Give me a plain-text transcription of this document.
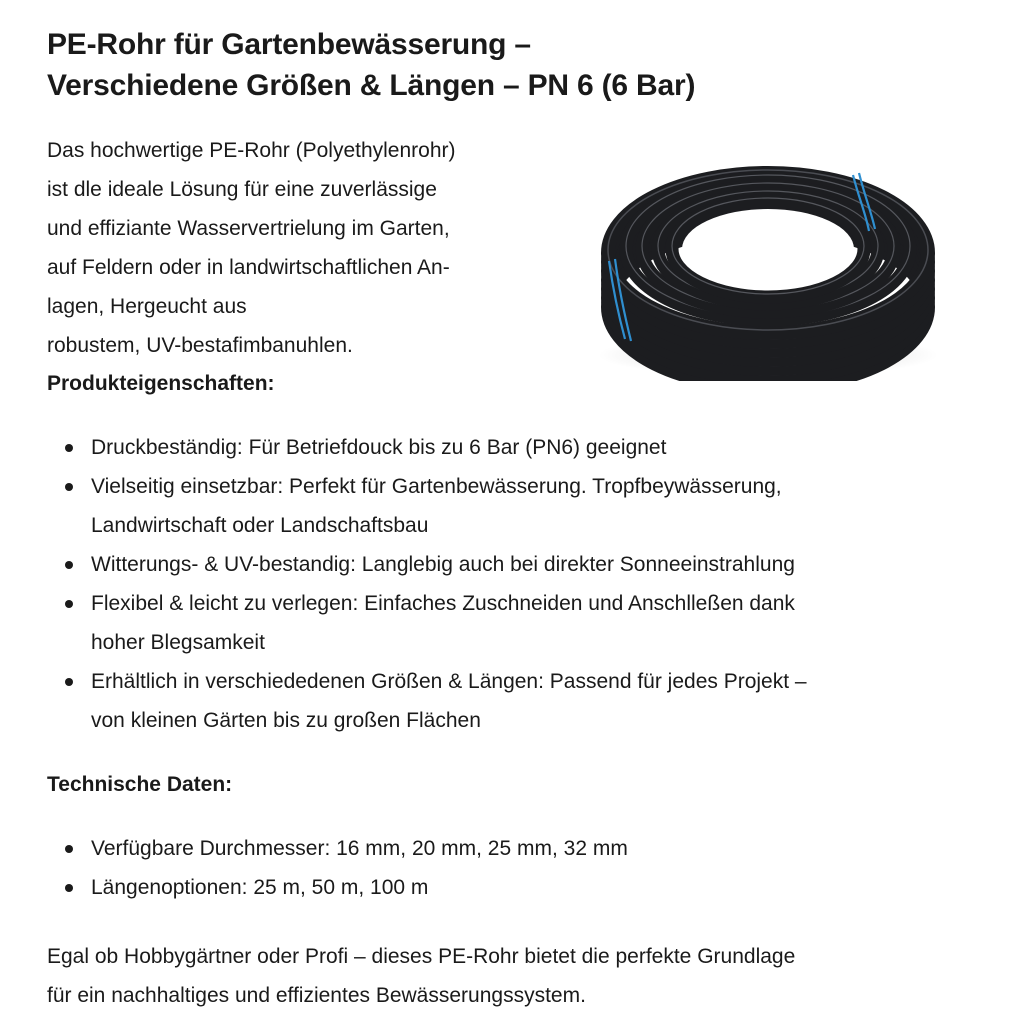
PE-Rohr für Gartenbewässerung –
Verschiedene Größen & Längen – PN 6 (6 Bar)

Das hochwertige PE-Rohr (Polyethylenrohr)
ist dle ideale Lösung für eine zuverlässige
und effiziante Wasservertrielung im Garten,
auf Feldern oder in landwirtschaftlichen An-
lagen, Hergeucht aus
robustem, UV-bestafimbanuhlen.

Produkteigenschaften:
Druckbeständig: Für Betriefdouck bis zu 6 Bar (PN6) geeignet
Vielseitig einsetzbar: Perfekt für Gartenbewässerung. Tropfbeywässerung,
Landwirtschaft oder Landschaftsbau
Witterungs- & UV-bestandig: Langlebig auch bei direkter Sonneeinstrahlung
Flexibel & leicht zu verlegen: Einfaches Zuschneiden und Anschlleßen dank
hoher Blegsamkeit
Erhältlich in verschiededenen Größen & Längen: Passend für jedes Projekt –
von kleinen Gärten bis zu großen Flächen
Technische Daten:
Verfügbare Durchmesser: 16 mm, 20 mm, 25 mm, 32 mm
Längenoptionen: 25 m, 50 m, 100 m

Egal ob Hobbygärtner oder Profi – dieses PE-Rohr bietet die perfekte Grundlage
für ein nachhaltiges und effizientes Bewässerungssystem.
